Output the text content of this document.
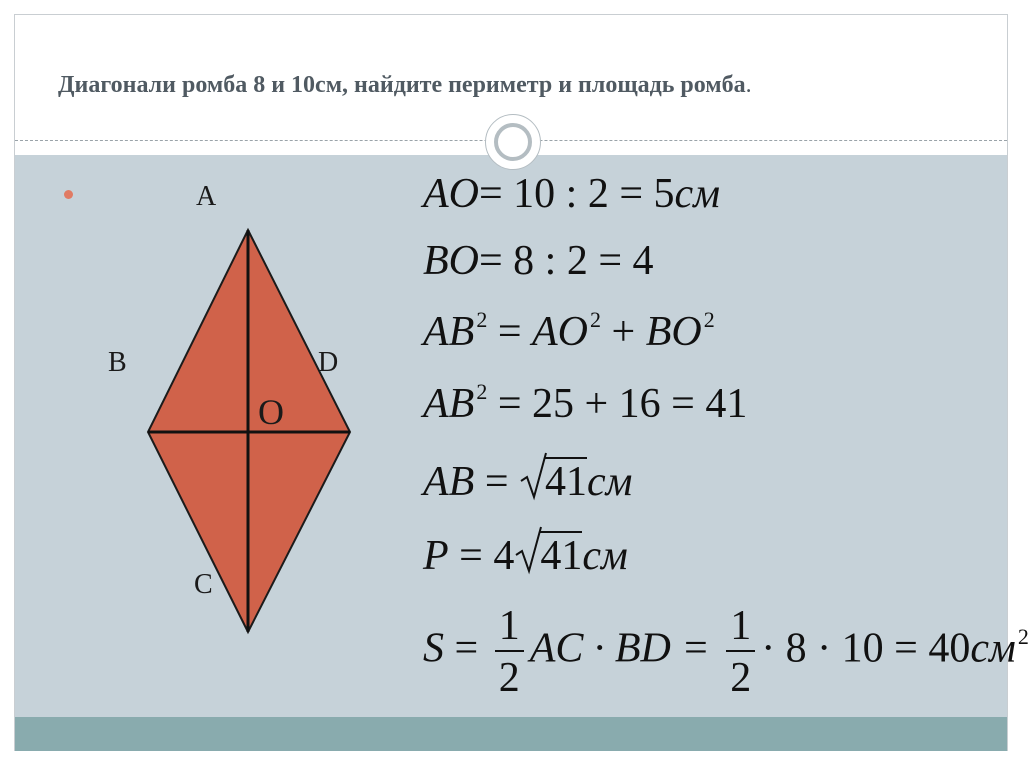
Диагонали ромба 8 и 10см, найдите периметр и площадь ромба.
A
B	D
O
C
AO= 10 : 2 = 5см
BO= 8 : 2 = 4
$AB^2 = AO^2 + BO^2$
$AB^2 = 25 + 16 = 41$
AB =
41см
P = 4 41см
$S = \frac{1}{2}$ AC · BD = $\frac{1}{2} \cdot 8 \cdot 10 = 40см^2$
